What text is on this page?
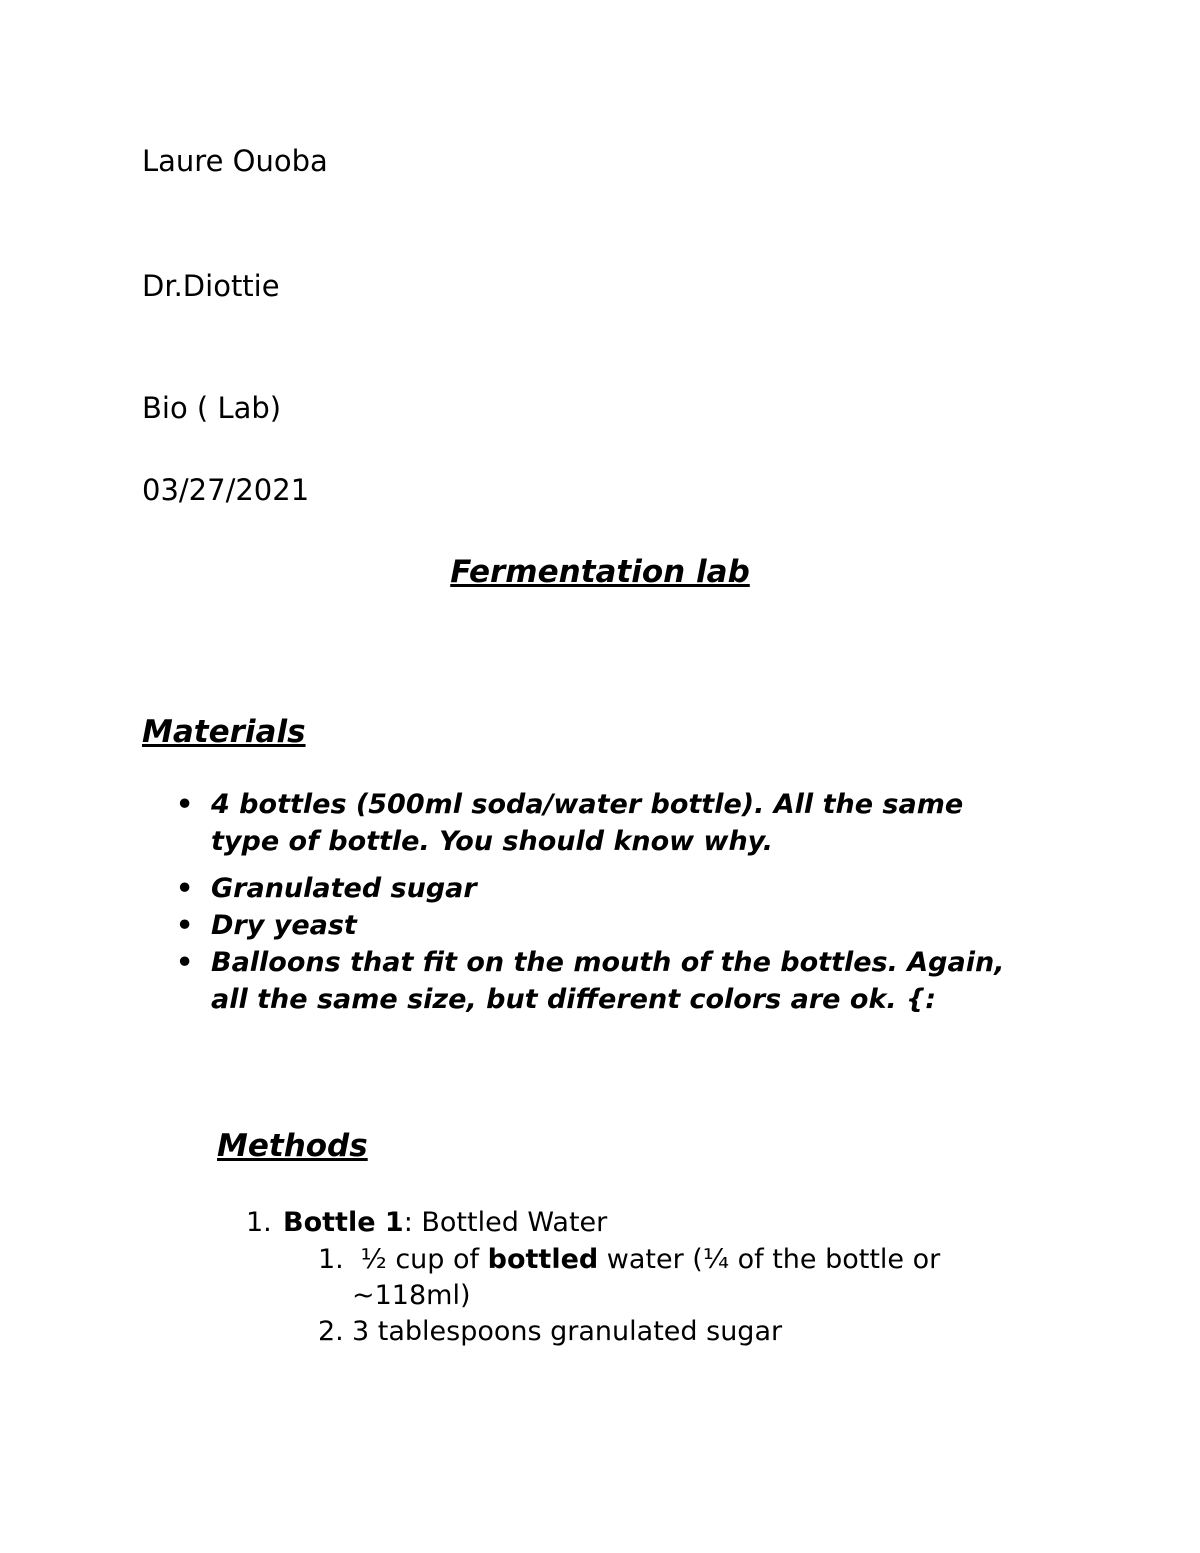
Laure Ouoba
Dr.Diottie
Bio ( Lab)
03/27/2021
Fermentation lab
Materials
• 4 bottles (500ml soda/water bottle). All the same type of bottle. You should know why.
• Granulated sugar
• Dry yeast
• Balloons that fit on the mouth of the bottles. Again, all the same size, but different colors are ok. {:
Methods
1. Bottle 1: Bottled Water
1. ½ cup of bottled water (¼ of the bottle or ~118ml)
2. 3 tablespoons granulated sugar
